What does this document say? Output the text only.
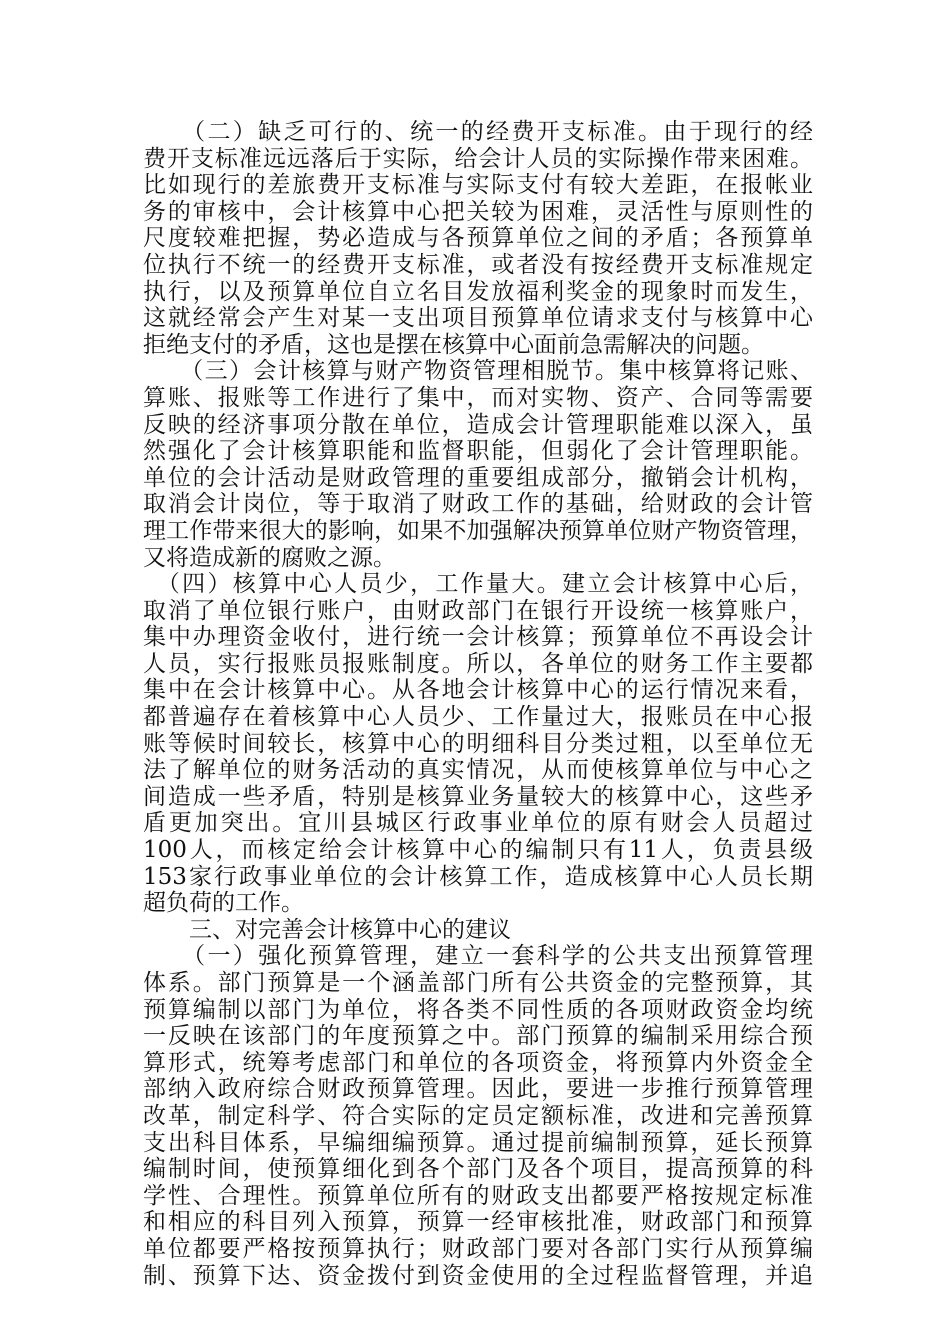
　　（二）缺乏可行的、统一的经费开支标准。由于现行的经
费开支标准远远落后于实际，给会计人员的实际操作带来困难。
比如现行的差旅费开支标准与实际支付有较大差距，在报帐业
务的审核中，会计核算中心把关较为困难，灵活性与原则性的
尺度较难把握，势必造成与各预算单位之间的矛盾；各预算单
位执行不统一的经费开支标准，或者没有按经费开支标准规定
执行，以及预算单位自立名目发放福利奖金的现象时而发生，
这就经常会产生对某一支出项目预算单位请求支付与核算中心
拒绝支付的矛盾，这也是摆在核算中心面前急需解决的问题。
　　（三）会计核算与财产物资管理相脱节。集中核算将记账、
算账、报账等工作进行了集中，而对实物、资产、合同等需要
反映的经济事项分散在单位，造成会计管理职能难以深入，虽
然强化了会计核算职能和监督职能，但弱化了会计管理职能。
单位的会计活动是财政管理的重要组成部分，撤销会计机构，
取消会计岗位，等于取消了财政工作的基础，给财政的会计管
理工作带来很大的影响，如果不加强解决预算单位财产物资管理，
又将造成新的腐败之源。
　（四）核算中心人员少，工作量大。建立会计核算中心后，
取消了单位银行账户，由财政部门在银行开设统一核算账户，
集中办理资金收付，进行统一会计核算；预算单位不再设会计
人员，实行报账员报账制度。所以，各单位的财务工作主要都
集中在会计核算中心。从各地会计核算中心的运行情况来看，
都普遍存在着核算中心人员少、工作量过大，报账员在中心报
账等候时间较长，核算中心的明细科目分类过粗，以至单位无
法了解单位的财务活动的真实情况，从而使核算单位与中心之
间造成一些矛盾，特别是核算业务量较大的核算中心，这些矛
盾更加突出。宜川县城区行政事业单位的原有财会人员超过
100人，而核定给会计核算中心的编制只有11人，负责县级
153家行政事业单位的会计核算工作，造成核算中心人员长期
超负荷的工作。
　　三、对完善会计核算中心的建议
　　（一）强化预算管理，建立一套科学的公共支出预算管理
体系。部门预算是一个涵盖部门所有公共资金的完整预算，其
预算编制以部门为单位，将各类不同性质的各项财政资金均统
一反映在该部门的年度预算之中。部门预算的编制采用综合预
算形式，统筹考虑部门和单位的各项资金，将预算内外资金全
部纳入政府综合财政预算管理。因此，要进一步推行预算管理
改革，制定科学、符合实际的定员定额标准，改进和完善预算
支出科目体系，早编细编预算。通过提前编制预算，延长预算
编制时间，使预算细化到各个部门及各个项目，提高预算的科
学性、合理性。预算单位所有的财政支出都要严格按规定标准
和相应的科目列入预算，预算一经审核批准，财政部门和预算
单位都要严格按预算执行；财政部门要对各部门实行从预算编
制、预算下达、资金拨付到资金使用的全过程监督管理，并追
